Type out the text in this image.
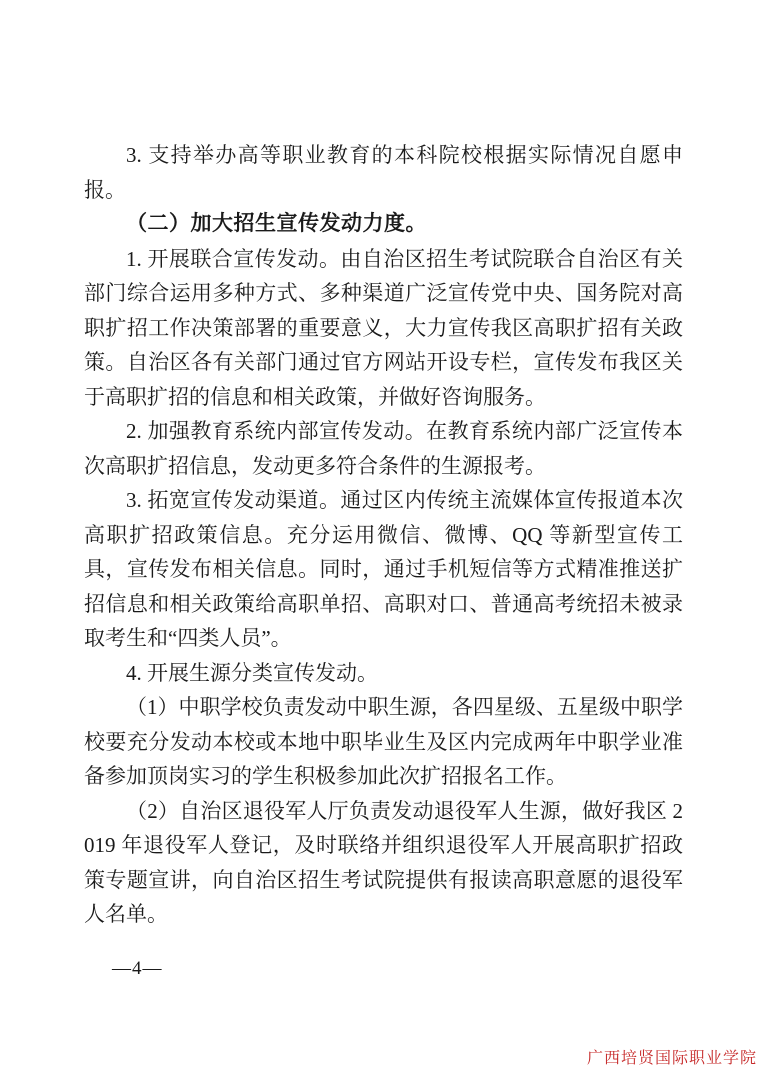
3. 支持举办高等职业教育的本科院校根据实际情况自愿申报。

（二）加大招生宣传发动力度。

1. 开展联合宣传发动。由自治区招生考试院联合自治区有关部门综合运用多种方式、多种渠道广泛宣传党中央、国务院对高职扩招工作决策部署的重要意义，大力宣传我区高职扩招有关政策。自治区各有关部门通过官方网站开设专栏，宣传发布我区关于高职扩招的信息和相关政策，并做好咨询服务。

2. 加强教育系统内部宣传发动。在教育系统内部广泛宣传本次高职扩招信息，发动更多符合条件的生源报考。

3. 拓宽宣传发动渠道。通过区内传统主流媒体宣传报道本次高职扩招政策信息。充分运用微信、微博、QQ 等新型宣传工具，宣传发布相关信息。同时，通过手机短信等方式精准推送扩招信息和相关政策给高职单招、高职对口、普通高考统招未被录取考生和“四类人员”。

4. 开展生源分类宣传发动。

（1）中职学校负责发动中职生源，各四星级、五星级中职学校要充分发动本校或本地中职毕业生及区内完成两年中职学业准备参加顶岗实习的学生积极参加此次扩招报名工作。

（2）自治区退役军人厅负责发动退役军人生源，做好我区 2019 年退役军人登记，及时联络并组织退役军人开展高职扩招政策专题宣讲，向自治区招生考试院提供有报读高职意愿的退役军人名单。

—4—
广西培贤国际职业学院
